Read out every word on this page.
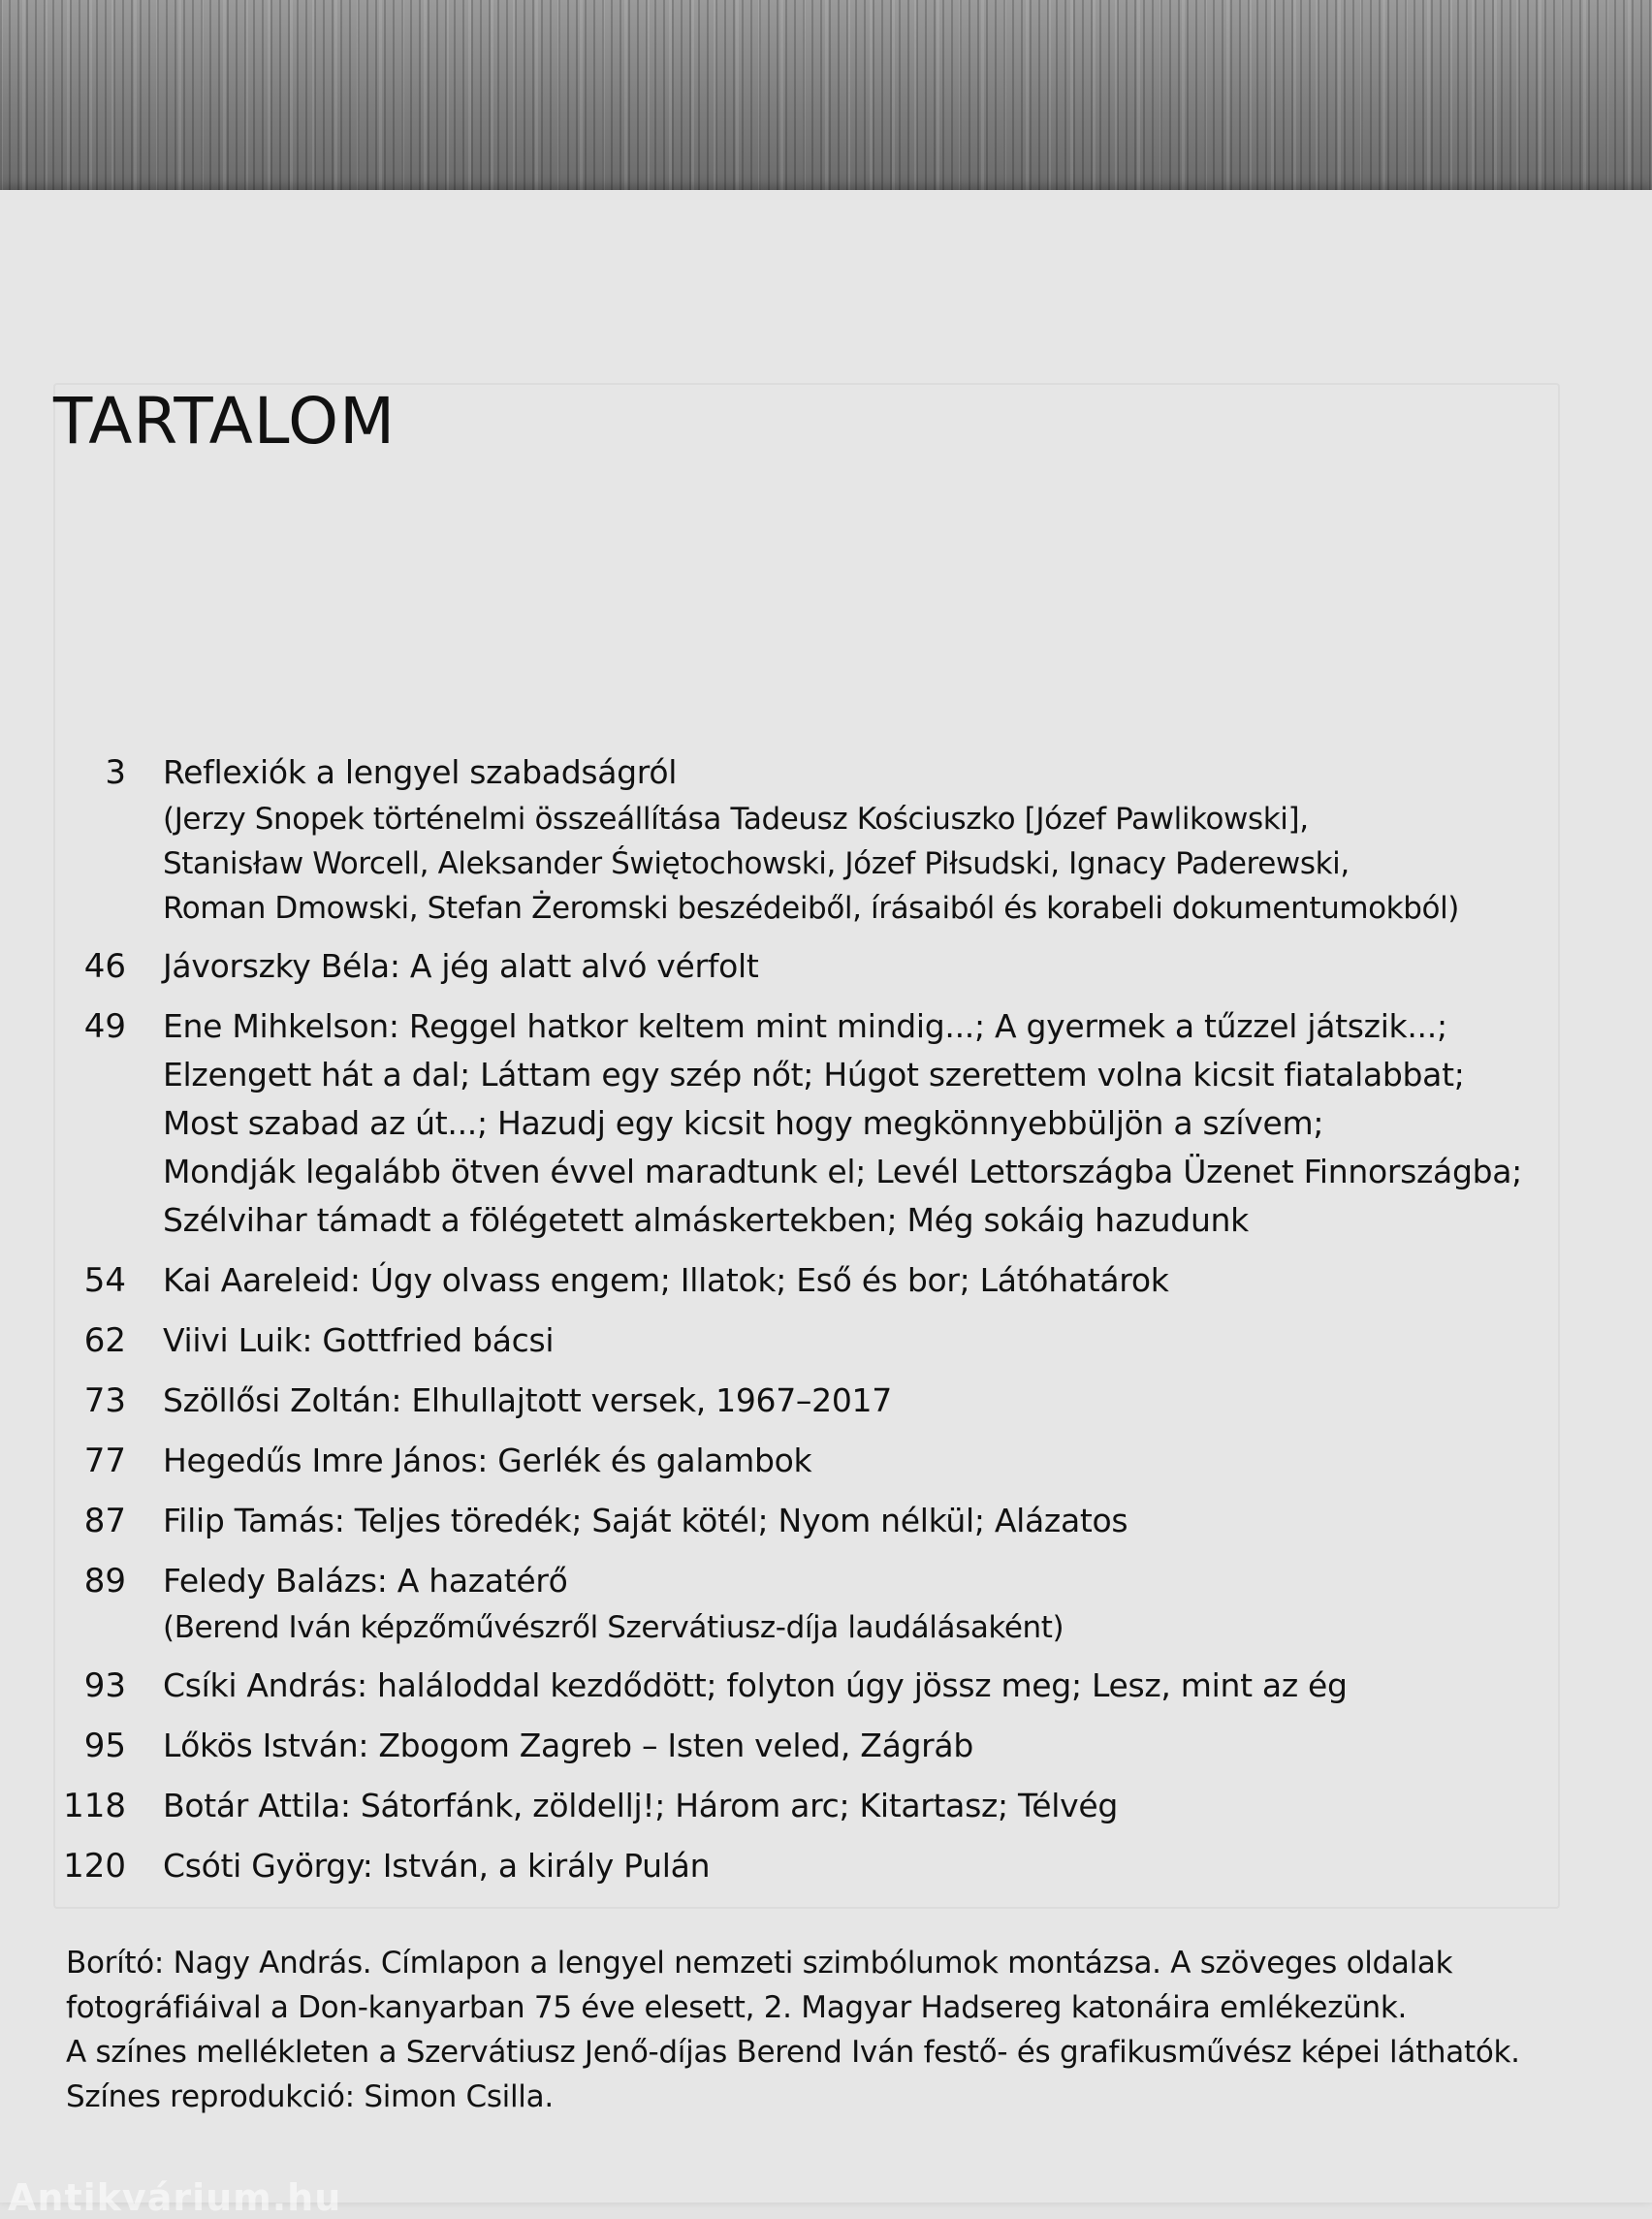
TARTALOM
3 Reflexiók a lengyel szabadságról
(Jerzy Snopek történelmi összeállítása Tadeusz Kościuszko [Józef Pawlikowski],
Stanisław Worcell, Aleksander Świętochowski, Józef Piłsudski, Ignacy Paderewski,
Roman Dmowski, Stefan Żeromski beszédeiből, írásaiból és korabeli dokumentumokból)
46 Jávorszky Béla: A jég alatt alvó vérfolt
49 Ene Mihkelson: Reggel hatkor keltem mint mindig...; A gyermek a tűzzel játszik...;
Elzengett hát a dal; Láttam egy szép nőt; Húgot szerettem volna kicsit fiatalabbat;
Most szabad az út...; Hazudj egy kicsit hogy megkönnyebbüljön a szívem;
Mondják legalább ötven évvel maradtunk el; Levél Lettországba Üzenet Finnországba;
Szélvihar támadt a fölégetett almáskertekben; Még sokáig hazudunk
54 Kai Aareleid: Úgy olvass engem; Illatok; Eső és bor; Látóhatárok
62 Viivi Luik: Gottfried bácsi
73 Szöllősi Zoltán: Elhullajtott versek, 1967–2017
77 Hegedűs Imre János: Gerlék és galambok
87 Filip Tamás: Teljes töredék; Saját kötél; Nyom nélkül; Alázatos
89 Feledy Balázs: A hazatérő
(Berend Iván képzőművészről Szervátiusz-díja laudálásaként)
93 Csíki András: haláloddal kezdődött; folyton úgy jössz meg; Lesz, mint az ég
95 Lőkös István: Zbogom Zagreb – Isten veled, Zágráb
118 Botár Attila: Sátorfánk, zöldellj!; Három arc; Kitartasz; Télvég
120 Csóti György: István, a király Pulán
Borító: Nagy András. Címlapon a lengyel nemzeti szimbólumok montázsa. A szöveges oldalak
fotográfiáival a Don-kanyarban 75 éve elesett, 2. Magyar Hadsereg katonáira emlékezünk.
A színes mellékleten a Szervátiusz Jenő-díjas Berend Iván festő- és grafikusművész képei láthatók.
Színes reprodukció: Simon Csilla.
Antikvárium.hu
